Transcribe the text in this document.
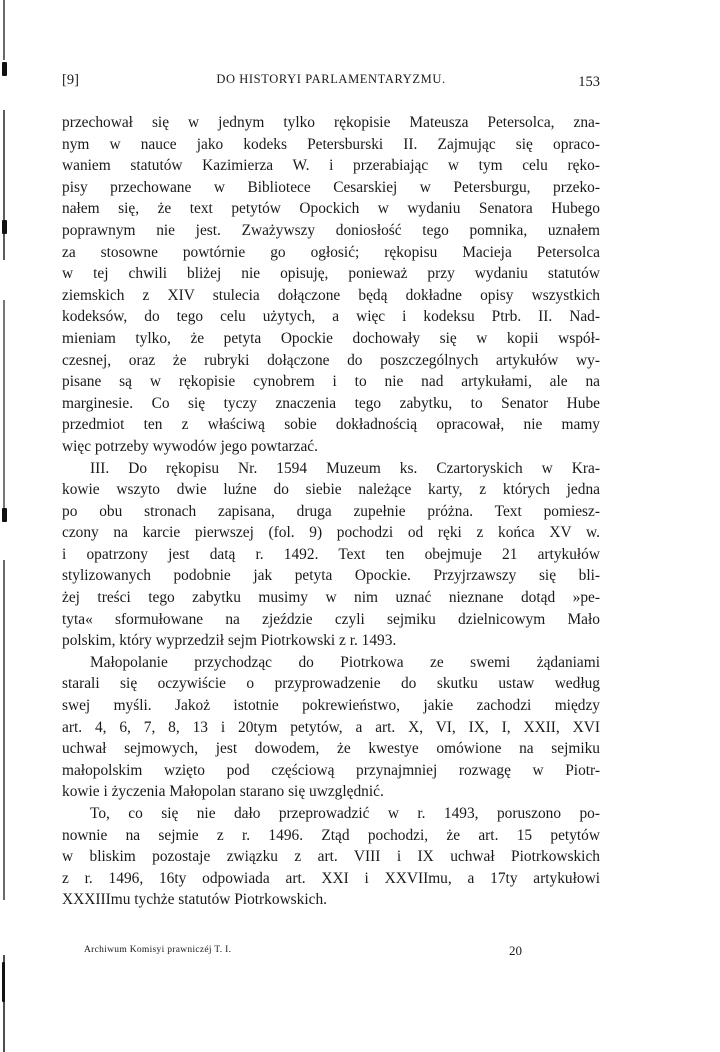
[9]	DO HISTORYI PARLAMENTARYZMU.	153
przechował się w jednym tylko rękopisie Mateusza Petersolca, zna-
nym w nauce jako kodeks Petersburski II. Zajmując się opraco-
waniem statutów Kazimierza W. i przerabiając w tym celu ręko-
pisy przechowane w Bibliotece Cesarskiej w Petersburgu, przeko-
nałem się, że text petytów Opockich w wydaniu Senatora Hubego
poprawnym nie jest. Zważywszy doniosłość tego pomnika, uznałem
za stosowne powtórnie go ogłosić; rękopisu Macieja Petersolca
w tej chwili bliżej nie opisuję, ponieważ przy wydaniu statutów
ziemskich z XIV stulecia dołączone będą dokładne opisy wszystkich
kodeksów, do tego celu użytych, a więc i kodeksu Ptrb. II. Nad-
mieniam tylko, że petyta Opockie dochowały się w kopii współ-
czesnej, oraz że rubryki dołączone do poszczególnych artykułów wy-
pisane są w rękopisie cynobrem i to nie nad artykułami, ale na
marginesie. Co się tyczy znaczenia tego zabytku, to Senator Hube
przedmiot ten z właściwą sobie dokładnością opracował, nie mamy
więc potrzeby wywodów jego powtarzać.
III. Do rękopisu Nr. 1594 Muzeum ks. Czartoryskich w Kra-
kowie wszyto dwie luźne do siebie należące karty, z których jedna
po obu stronach zapisana, druga zupełnie próżna. Text pomiesz-
czony na karcie pierwszej (fol. 9) pochodzi od ręki z końca XV w.
i opatrzony jest datą r. 1492. Text ten obejmuje 21 artykułów
stylizowanych podobnie jak petyta Opockie. Przyjrzawszy się bli-
żej treści tego zabytku musimy w nim uznać nieznane dotąd »pe-
tyta« sformułowane na zjeździe czyli sejmiku dzielnicowym Mało
polskim, który wyprzedził sejm Piotrkowski z r. 1493.
Małopolanie przychodząc do Piotrkowa ze swemi żądaniami
starali się oczywiście o przyprowadzenie do skutku ustaw według
swej myśli. Jakoż istotnie pokrewieństwo, jakie zachodzi między
art. 4, 6, 7, 8, 13 i 20tym petytów, a art. X, VI, IX, I, XXII, XVI
uchwał sejmowych, jest dowodem, że kwestye omówione na sejmiku
małopolskim wzięto pod częściową przynajmniej rozwagę w Piotr-
kowie i życzenia Małopolan starano się uwzględnić.
To, co się nie dało przeprowadzić w r. 1493, poruszono po-
nownie na sejmie z r. 1496. Ztąd pochodzi, że art. 15 petytów
w bliskim pozostaje związku z art. VIII i IX uchwał Piotrkowskich
z r. 1496, 16ty odpowiada art. XXI i XXVIImu, a 17ty artykułowi
XXXIIImu tychże statutów Piotrkowskich.
Archiwum Komisyi prawniczéj T. I.	20
